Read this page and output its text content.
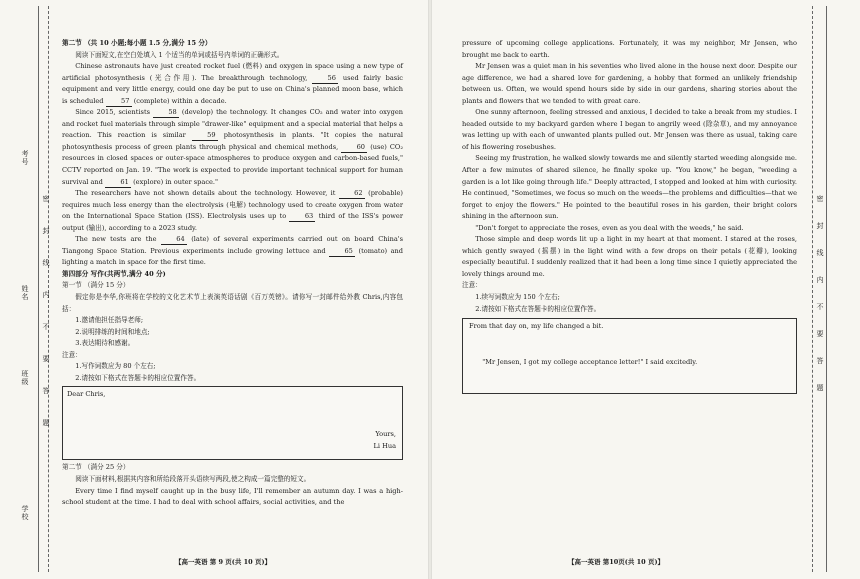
考号
姓名
班级
学校
密
封
线
内
不
要
答
题
密
封
线
内
不
要
答
题

第二节 （共 10 小题;每小题 1.5 分,满分 15 分）

阅读下面短文,在空白处填入 1 个适当的单词或括号内单词的正确形式。

Chinese astronauts have just created rocket fuel (燃料) and oxygen in space using a new type of artificial photosynthesis (光合作用). The breakthrough technology,	56 used fairly basic equipment and very little energy, could one day be put to use on China's planned moon base, which is scheduled	57 (complete) within a decade.

Since 2015, scientists	58 (develop) the technology. It changes CO₂ and water into oxygen and rocket fuel materials through simple "drawer-like" equipment and a special material that helps a reaction. This reaction is similar	59 photosynthesis in plants. "It copies the natural photosynthesis process of green plants through physical and chemical methods,	60 (use) CO₂ resources in closed spaces or outer-space atmospheres to produce oxygen and carbon-based fuels," CCTV reported on Jan. 19. "The work is expected to provide important technical support for human survival and	61 (explore) in outer space."

The researchers have not shown details about the technology. However, it	62 (probable) requires much less energy than the electrolysis (电解) technology used to create oxygen from water on the International Space Station (ISS). Electrolysis uses up to	63 third of the ISS's power output (输出), according to a 2023 study.

The new tests are the	64 (late) of several experiments carried out on board China's Tiangong Space Station. Previous experiments include growing lettuce and	65 (tomato) and lighting a match in space for the first time.

第四部分 写作(共两节,满分 40 分)

第一节 （满分 15 分）

假定你是李华,你班将在学校的文化艺术节上表演英语话剧《百万英镑》。请你写一封邮件给外教 Chris,内容包括：

1.邀请他担任指导老师;

2.说明排练的时间和地点;

3.表达期待和感谢。

注意：

1.写作词数应为 80 个左右;

2.请按如下格式在答题卡的相应位置作答。

Dear Chris,
Yours,
Li Hua

第二节 （满分 25 分）

阅读下面材料,根据其内容和所给段落开头语续写两段,使之构成一篇完整的短文。

Every time I find myself caught up in the busy life, I'll remember an autumn day. I was a high-school student at the time. I had to deal with school affairs, social activities, and the

pressure of upcoming college applications. Fortunately, it was my neighbor, Mr Jensen, who brought me back to earth.

Mr Jensen was a quiet man in his seventies who lived alone in the house next door. Despite our age difference, we had a shared love for gardening, a hobby that formed an unlikely friendship between us. Often, we would spend hours side by side in our gardens, sharing stories about the plants and flowers that we tended to with great care.

One sunny afternoon, feeling stressed and anxious, I decided to take a break from my studies. I headed outside to my backyard garden where I began to angrily weed (除杂草), and my annoyance was letting up with each of unwanted plants pulled out. Mr Jensen was there as usual, taking care of his flowering rosebushes.

Seeing my frustration, he walked slowly towards me and silently started weeding alongside me. After a few minutes of shared silence, he finally spoke up. "You know," he began, "weeding a garden is a lot like going through life." Deeply attracted, I stopped and looked at him with curiosity. He continued, "Sometimes, we focus so much on the weeds—the problems and difficulties—that we forget to enjoy the flowers." He pointed to the beautiful roses in his garden, their bright colors shining in the afternoon sun.

"Don't forget to appreciate the roses, even as you deal with the weeds," he said.

Those simple and deep words lit up a light in my heart at that moment. I stared at the roses, which gently swayed (摇摆) in the light wind with a few drops on their petals (花瓣), looking especially beautiful. I suddenly realized that it had been a long time since I quietly appreciated the lovely things around me.

注意：

1.续写词数应为 150 个左右;

2.请按如下格式在答题卡的相应位置作答。

From that day on, my life changed a bit.
"Mr Jensen, I got my college acceptance letter!" I said excitedly.
【高一英语 第 9 页(共 10 页)】	【高一英语 第10页(共 10 页)】
